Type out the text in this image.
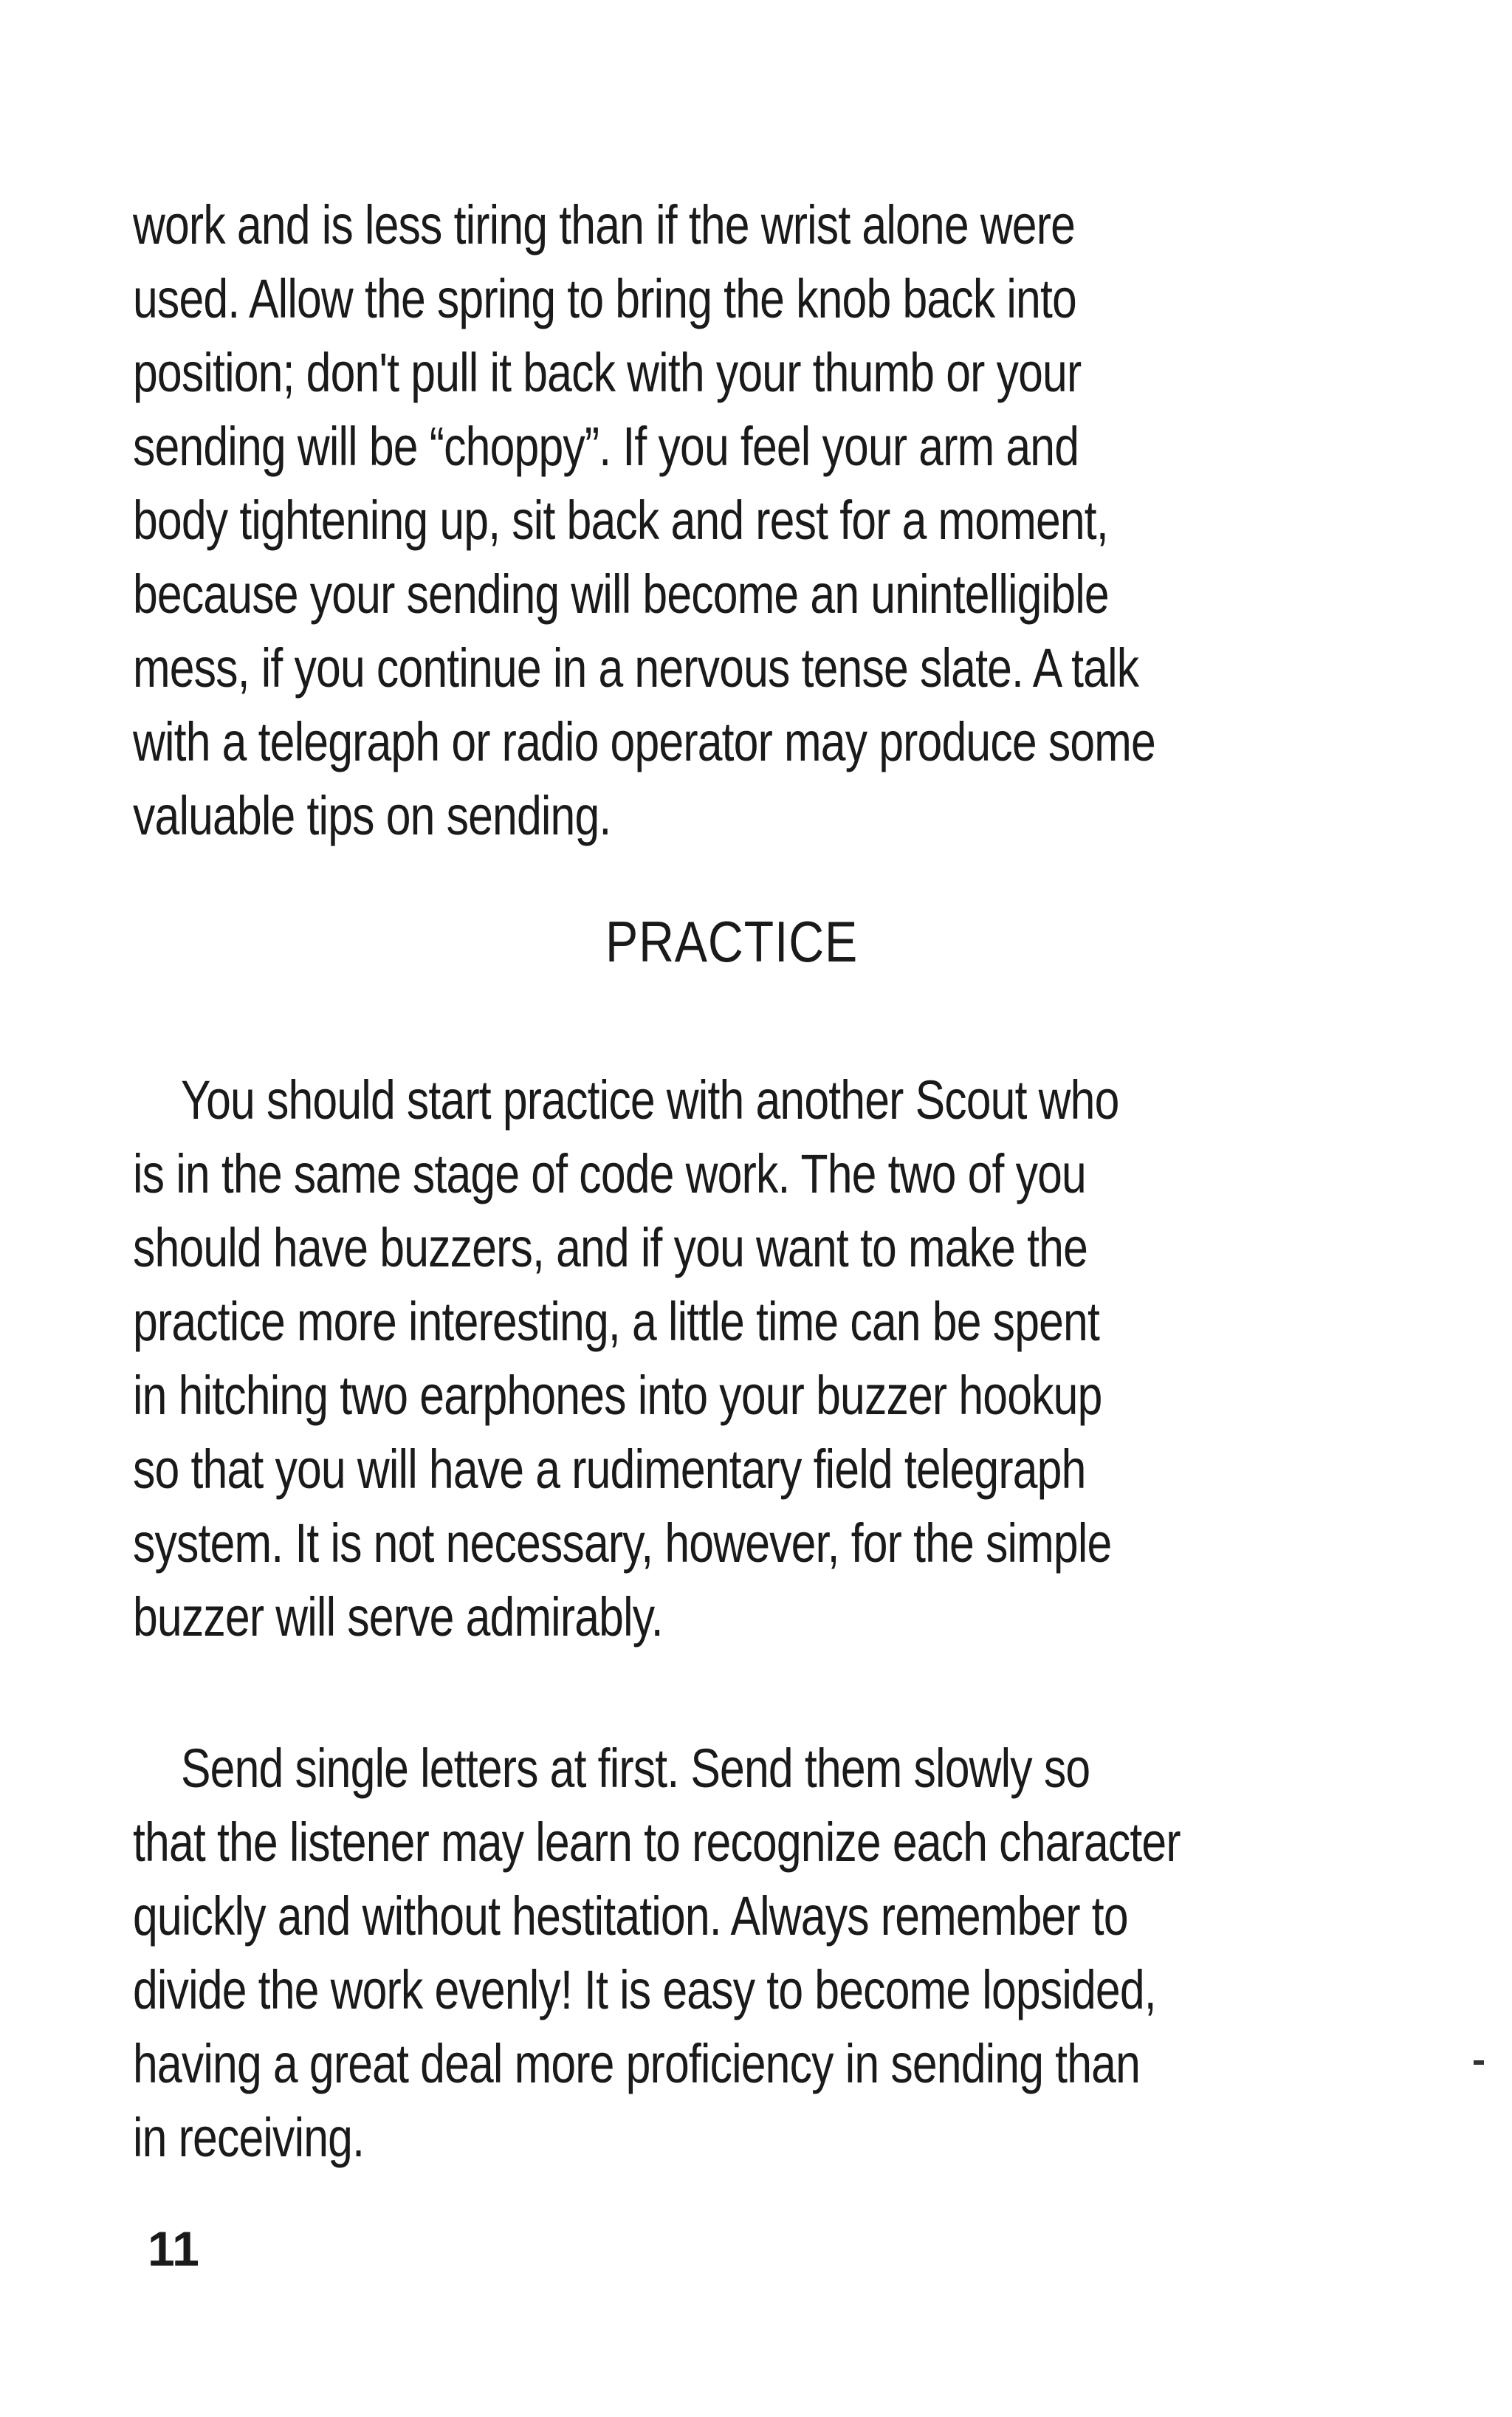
work and is less tiring than if the wrist alone were

used. Allow the spring to bring the knob back into

position; don't pull it back with your thumb or your

sending will be “choppy”. If you feel your arm and

body tightening up, sit back and rest for a moment,

because your sending will become an unintelligible

mess, if you continue in a nervous tense slate. A talk

with a telegraph or radio operator may produce some

valuable tips on sending.

PRACTICE

You should start practice with another Scout who

is in the same stage of code work. The two of you

should have buzzers, and if you want to make the

practice more interesting, a little time can be spent

in hitching two earphones into your buzzer hookup

so that you will have a rudimentary field telegraph

system. It is not necessary, however, for the simple

buzzer will serve admirably.

Send single letters at first. Send them slowly so

that the listener may learn to recognize each character

quickly and without hestitation. Always remember to

divide the work evenly! It is easy to become lopsided,

having a great deal more proficiency in sending than

in receiving.

11
